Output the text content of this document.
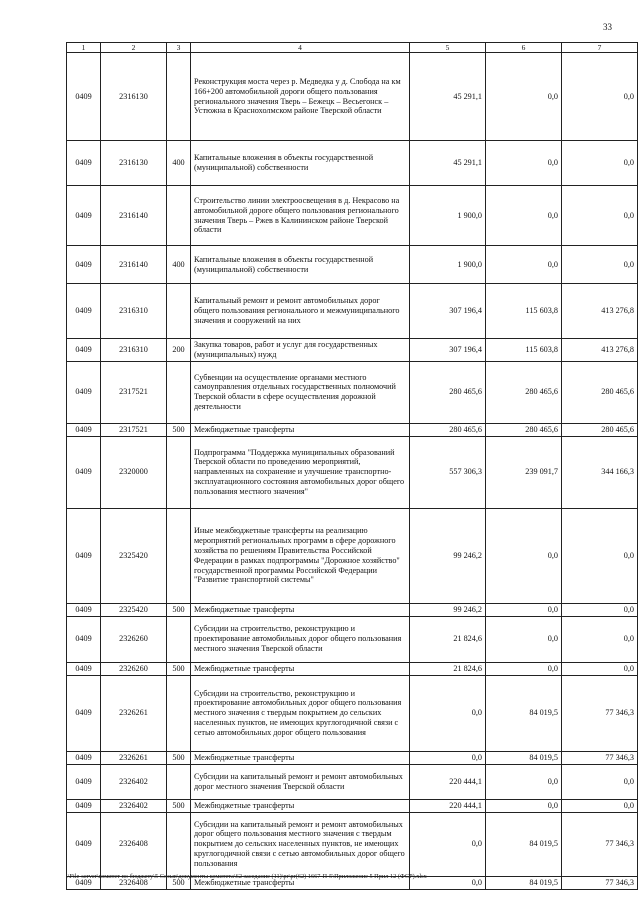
33
1	2	3	4	5	6	7
0409	2316130		Реконструкция моста через р. Медведка у д. Слобода на км 166+200 автомобильной дороги общего пользования регионального значения Тверь – Бежецк – Весьегонск – Устюжна в Краснохолмском районе Тверской области	45 291,1	0,0	0,0
0409	2316130	400	Капитальные вложения в объекты государственной (муниципальной) собственности	45 291,1	0,0	0,0
0409	2316140		Строительство линии электроосвещения в д. Некрасово на автомобильной дороге общего пользования регионального значения Тверь – Ржев в Калининском районе Тверской области	1 900,0	0,0	0,0
0409	2316140	400	Капитальные вложения в объекты государственной (муниципальной) собственности	1 900,0	0,0	0,0
0409	2316310		Капитальный ремонт и ремонт автомобильных дорог общего пользования регионального и межмуниципального значения и сооружений на них	307 196,4	115 603,8	413 276,8
0409	2316310	200	Закупка товаров, работ и услуг для государственных (муниципальных) нужд	307 196,4	115 603,8	413 276,8
0409	2317521		Субвенции на осуществление органами местного самоуправления отдельных государственных полномочий Тверской области в сфере осуществления дорожной деятельности	280 465,6	280 465,6	280 465,6
0409	2317521	500	Межбюджетные трансферты	280 465,6	280 465,6	280 465,6
0409	2320000		Подпрограмма "Поддержка муниципальных образований Тверской области по проведению мероприятий, направленных на сохранение и улучшение транспортно-эксплуатационного состояния автомобильных дорог общего пользования местного значения"	557 306,3	239 091,7	344 166,3
0409	2325420		Иные межбюджетные трансферты на реализацию мероприятий региональных программ в сфере дорожного хозяйства по решениям Правительства Российской Федерации в рамках подпрограммы "Дорожное хозяйство" государственной программы Российской Федерации "Развитие транспортной системы"	99 246,2	0,0	0,0
0409	2325420	500	Межбюджетные трансферты	99 246,2	0,0	0,0
0409	2326260		Субсидии на строительство, реконструкцию и проектирование автомобильных дорог общего пользования местного значения Тверской области	21 824,6	0,0	0,0
0409	2326260	500	Межбюджетные трансферты	21 824,6	0,0	0,0
0409	2326261		Субсидии на строительство, реконструкцию и проектирование автомобильных дорог общего пользования местного значения с твердым покрытием до сельских населенных пунктов, не имеющих круглогодичной связи с сетью автомобильных дорог общего пользования	0,0	84 019,5	77 346,3
0409	2326261	500	Межбюджетные трансферты	0,0	84 019,5	77 346,3
0409	2326402		Субсидии на капитальный ремонт и ремонт автомобильных дорог местного значения Тверской области	220 444,1	0,0	0,0
0409	2326402	500	Межбюджетные трансферты	220 444,1	0,0	0,0
0409	2326408		Субсидии на капитальный ремонт и ремонт автомобильных дорог общего пользования местного значения с твердым покрытием до сельских населенных пунктов, не имеющих круглогодичной связи с сетью автомобильных дорог общего пользования	0,0	84 019,5	77 346,3
0409	2326408	500	Межбюджетные трансферты	0,0	84 019,5	77 346,3
\\File-server\комитет по бюджету\5 Созыв\документы комитета\62 заседание (11)\pr\pr(62) 1667-П-5\Приложение 5 Прил 12 (ФСР).xlsx
